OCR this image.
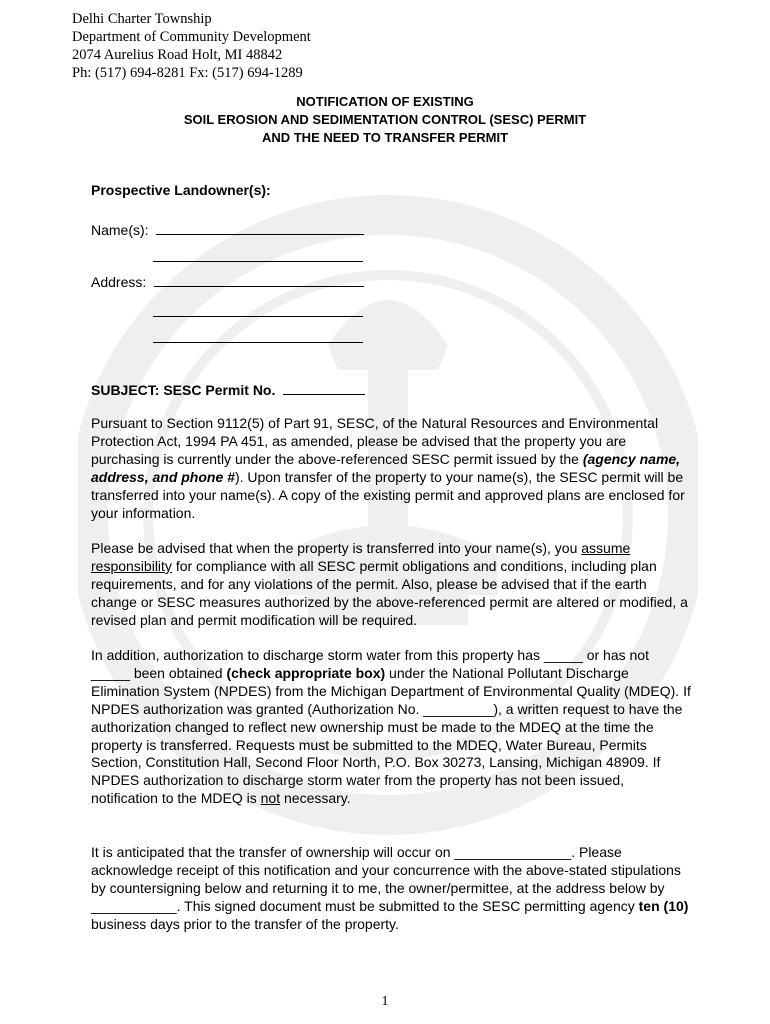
Delhi Charter Township
Department of Community Development
2074 Aurelius Road Holt, MI 48842
Ph: (517) 694-8281 Fx: (517) 694-1289
NOTIFICATION OF EXISTING
SOIL EROSION AND SEDIMENTATION CONTROL (SESC) PERMIT
AND THE NEED TO TRANSFER PERMIT
Prospective Landowner(s):
Name(s):
Address:
SUBJECT: SESC Permit No.
Pursuant to Section 9112(5) of Part 91, SESC, of the Natural Resources and Environmental Protection Act, 1994 PA 451, as amended, please be advised that the property you are purchasing is currently under the above-referenced SESC permit issued by the (agency name, address, and phone #). Upon transfer of the property to your name(s), the SESC permit will be transferred into your name(s). A copy of the existing permit and approved plans are enclosed for your information.
Please be advised that when the property is transferred into your name(s), you assume responsibility for compliance with all SESC permit obligations and conditions, including plan requirements, and for any violations of the permit. Also, please be advised that if the earth change or SESC measures authorized by the above-referenced permit are altered or modified, a revised plan and permit modification will be required.
In addition, authorization to discharge storm water from this property has _____ or has not _____ been obtained (check appropriate box) under the National Pollutant Discharge Elimination System (NPDES) from the Michigan Department of Environmental Quality (MDEQ). If NPDES authorization was granted (Authorization No. _________), a written request to have the authorization changed to reflect new ownership must be made to the MDEQ at the time the property is transferred. Requests must be submitted to the MDEQ, Water Bureau, Permits Section, Constitution Hall, Second Floor North, P.O. Box 30273, Lansing, Michigan 48909. If NPDES authorization to discharge storm water from the property has not been issued, notification to the MDEQ is not necessary.
It is anticipated that the transfer of ownership will occur on _______________. Please acknowledge receipt of this notification and your concurrence with the above-stated stipulations by countersigning below and returning it to me, the owner/permittee, at the address below by ___________. This signed document must be submitted to the SESC permitting agency ten (10) business days prior to the transfer of the property.
1
